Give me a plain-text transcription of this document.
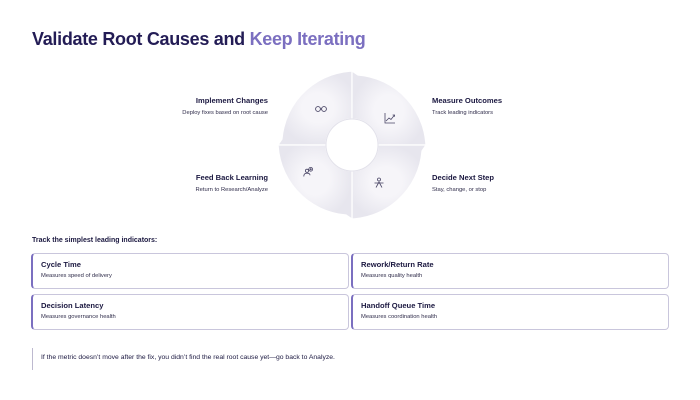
Validate Root Causes and Keep Iterating
Implement Changes
Deploy fixes based on root cause
Measure Outcomes
Track leading indicators
Decide Next Step
Stay, change, or stop
Feed Back Learning
Return to Research/Analyze
Track the simplest leading indicators:
Cycle Time
Measures speed of delivery
Rework/Return Rate
Measures quality health
Decision Latency
Measures governance health
Handoff Queue Time
Measures coordination health
If the metric doesn’t move after the fix, you didn’t find the real root cause yet—go back to Analyze.
